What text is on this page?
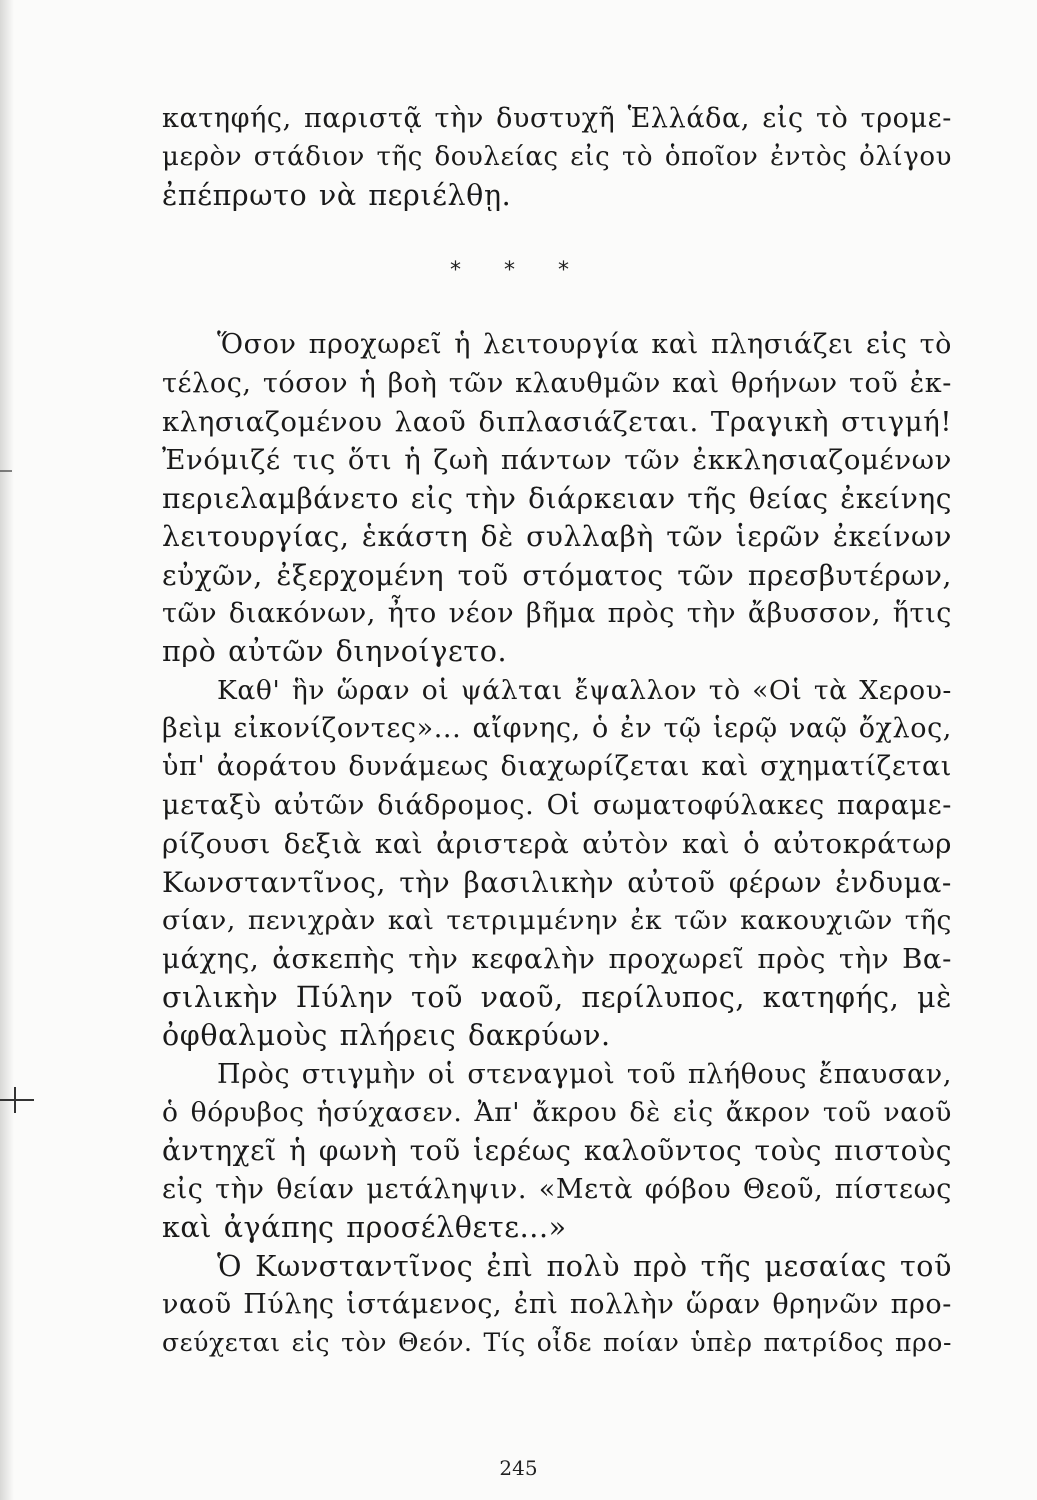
κατηφής, παριστᾷ τὴν δυστυχῆ Ἑλλάδα, εἰς τὸ τρομε-
μερὸν στάδιον τῆς δουλείας εἰς τὸ ὁποῖον ἐντὸς ὀλίγου
ἐπέπρωτο νὰ περιέλθῃ.
Ὅσον προχωρεῖ ἡ λειτουργία καὶ πλησιάζει εἰς τὸ
τέλος, τόσον ἡ βοὴ τῶν κλαυθμῶν καὶ θρήνων τοῦ ἐκ-
κλησιαζομένου λαοῦ διπλασιάζεται. Τραγικὴ στιγμή!
Ἐνόμιζέ τις ὅτι ἡ ζωὴ πάντων τῶν ἐκκλησιαζομένων
περιελαμβάνετο εἰς τὴν διάρκειαν τῆς θείας ἐκείνης
λειτουργίας, ἑκάστη δὲ συλλαβὴ τῶν ἱερῶν ἐκείνων
εὐχῶν, ἐξερχομένη τοῦ στόματος τῶν πρεσβυτέρων,
τῶν διακόνων, ἦτο νέον βῆμα πρὸς τὴν ἄβυσσον, ἥτις
πρὸ αὐτῶν διηνοίγετο.
Καθ' ἣν ὥραν οἱ ψάλται ἔψαλλον τὸ «Οἱ τὰ Χερου-
βεὶμ εἰκονίζοντες»... αἴφνης, ὁ ἐν τῷ ἱερῷ ναῷ ὄχλος,
ὑπ' ἀοράτου δυνάμεως διαχωρίζεται καὶ σχηματίζεται
μεταξὺ αὐτῶν διάδρομος. Οἱ σωματοφύλακες παραμε-
ρίζουσι δεξιὰ καὶ ἀριστερὰ αὐτὸν καὶ ὁ αὐτοκράτωρ
Κωνσταντῖνος, τὴν βασιλικὴν αὐτοῦ φέρων ἐνδυμα-
σίαν, πενιχρὰν καὶ τετριμμένην ἐκ τῶν κακουχιῶν τῆς
μάχης, ἀσκεπὴς τὴν κεφαλὴν προχωρεῖ πρὸς τὴν Βα-
σιλικὴν Πύλην τοῦ ναοῦ, περίλυπος, κατηφής, μὲ
ὀφθαλμοὺς πλήρεις δακρύων.
Πρὸς στιγμὴν οἱ στεναγμοὶ τοῦ πλήθους ἔπαυσαν,
ὁ θόρυβος ἡσύχασεν. Ἀπ' ἄκρου δὲ εἰς ἄκρον τοῦ ναοῦ
ἀντηχεῖ ἡ φωνὴ τοῦ ἱερέως καλοῦντος τοὺς πιστοὺς
εἰς τὴν θείαν μετάληψιν. «Μετὰ φόβου Θεοῦ, πίστεως
καὶ ἀγάπης προσέλθετε...»
Ὁ Κωνσταντῖνος ἐπὶ πολὺ πρὸ τῆς μεσαίας τοῦ
ναοῦ Πύλης ἱστάμενος, ἐπὶ πολλὴν ὥραν θρηνῶν προ-
σεύχεται εἰς τὸν Θεόν. Τίς οἶδε ποίαν ὑπὲρ πατρίδος προ-
* * *
245
